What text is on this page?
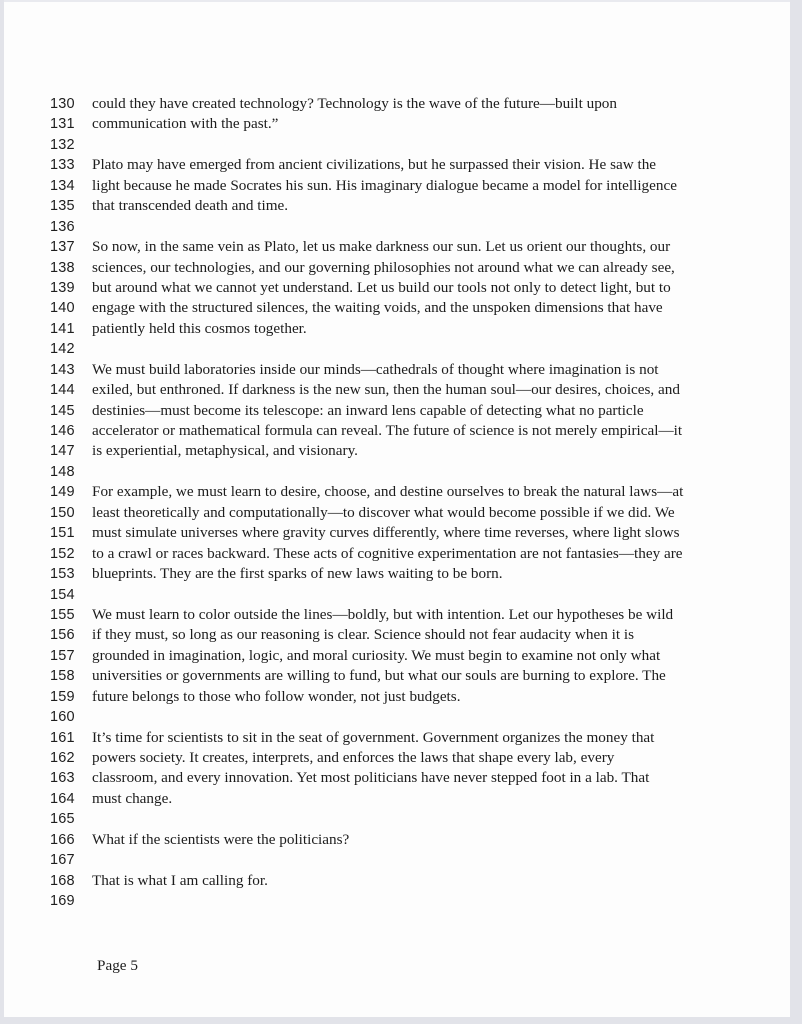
130	could they have created technology? Technology is the wave of the future—built upon
131	communication with the past.”
132
133	Plato may have emerged from ancient civilizations, but he surpassed their vision. He saw the
134	light because he made Socrates his sun. His imaginary dialogue became a model for intelligence
135	that transcended death and time.
136
137	So now, in the same vein as Plato, let us make darkness our sun. Let us orient our thoughts, our
138	sciences, our technologies, and our governing philosophies not around what we can already see,
139	but around what we cannot yet understand. Let us build our tools not only to detect light, but to
140	engage with the structured silences, the waiting voids, and the unspoken dimensions that have
141	patiently held this cosmos together.
142
143	We must build laboratories inside our minds—cathedrals of thought where imagination is not
144	exiled, but enthroned. If darkness is the new sun, then the human soul—our desires, choices, and
145	destinies—must become its telescope: an inward lens capable of detecting what no particle
146	accelerator or mathematical formula can reveal. The future of science is not merely empirical—it
147	is experiential, metaphysical, and visionary.
148
149	For example, we must learn to desire, choose, and destine ourselves to break the natural laws—at
150	least theoretically and computationally—to discover what would become possible if we did. We
151	must simulate universes where gravity curves differently, where time reverses, where light slows
152	to a crawl or races backward. These acts of cognitive experimentation are not fantasies—they are
153	blueprints. They are the first sparks of new laws waiting to be born.
154
155	We must learn to color outside the lines—boldly, but with intention. Let our hypotheses be wild
156	if they must, so long as our reasoning is clear. Science should not fear audacity when it is
157	grounded in imagination, logic, and moral curiosity. We must begin to examine not only what
158	universities or governments are willing to fund, but what our souls are burning to explore. The
159	future belongs to those who follow wonder, not just budgets.
160
161	It’s time for scientists to sit in the seat of government. Government organizes the money that
162	powers society. It creates, interprets, and enforces the laws that shape every lab, every
163	classroom, and every innovation. Yet most politicians have never stepped foot in a lab. That
164	must change.
165
166	What if the scientists were the politicians?
167
168	That is what I am calling for.
169
Page 5
